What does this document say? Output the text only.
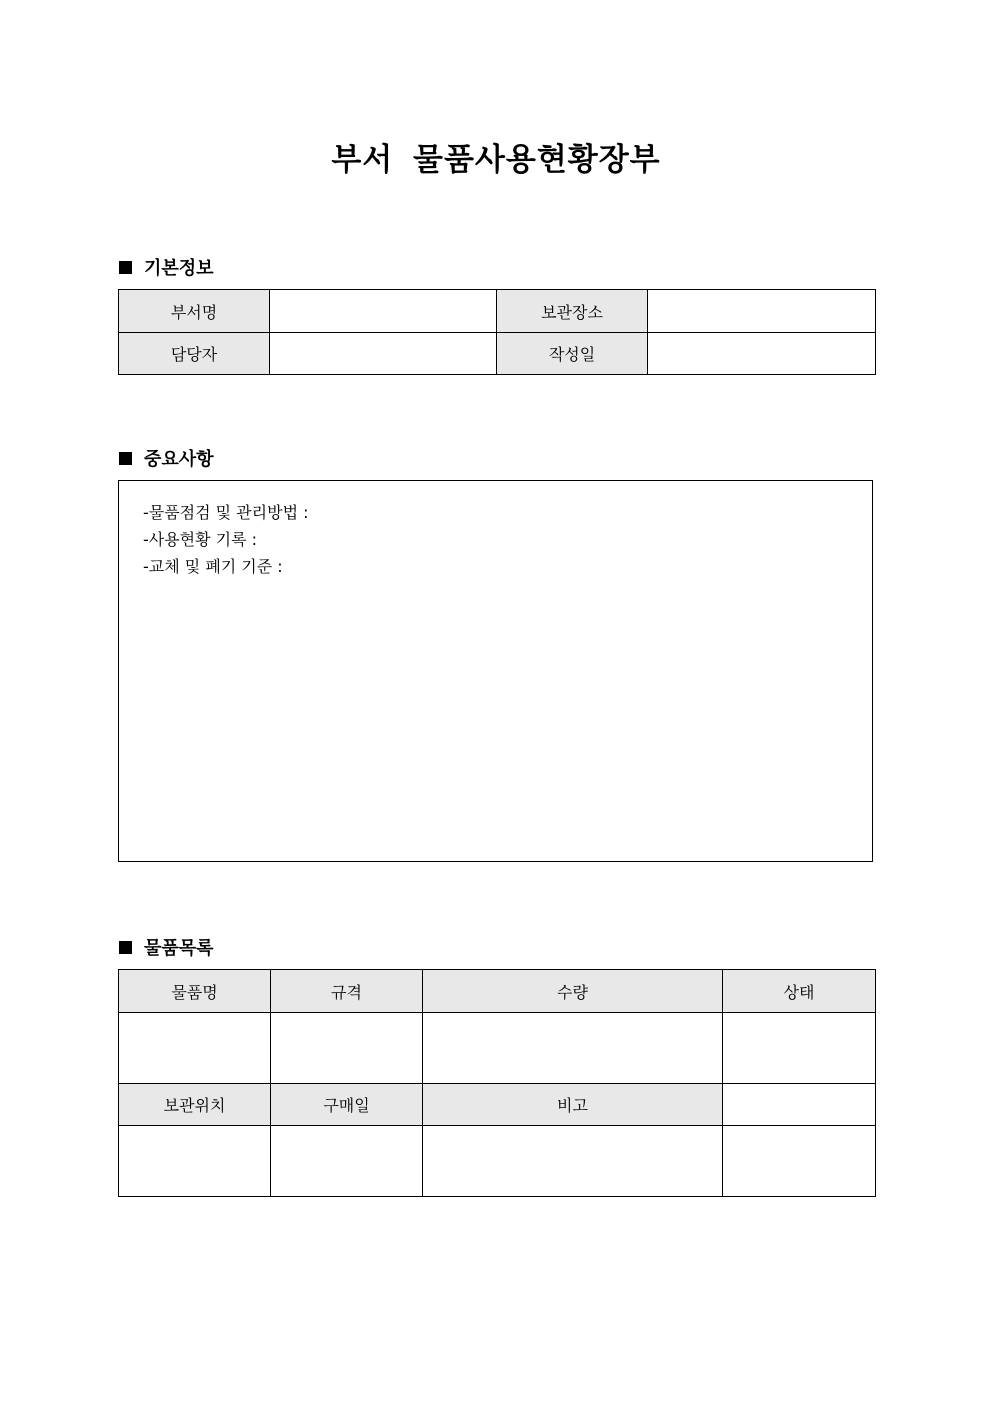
부서 물품사용현황장부
기본정보
부서명		보관장소	
담당자		작성일	
중요사항
-물품점검 및 관리방법 :
-사용현황 기록 :
-교체 및 폐기 기준 :
물품목록
물품명	규격	수량	상태

보관위치	구매일	비고	
